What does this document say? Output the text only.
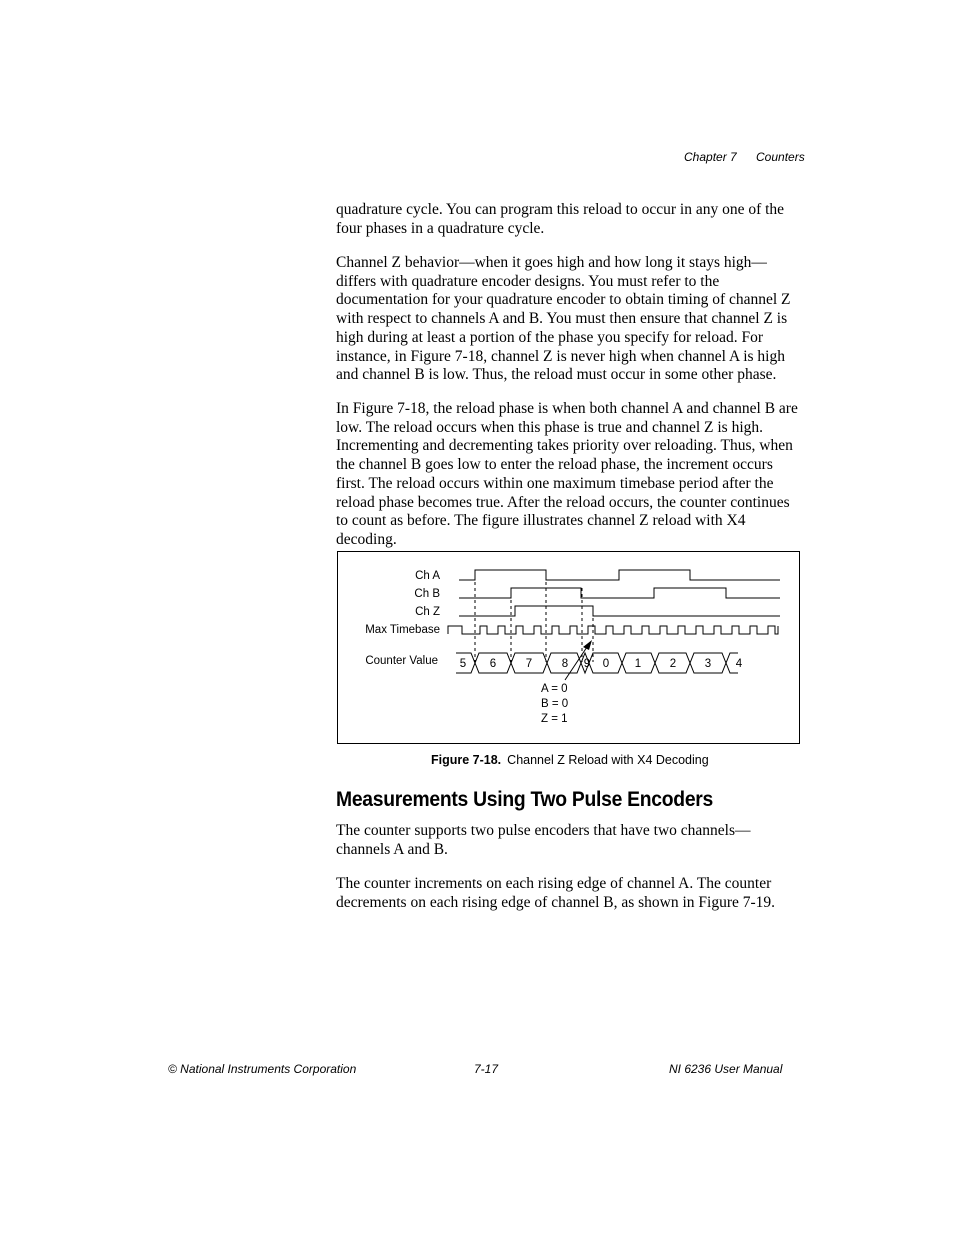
Chapter 7 Counters

quadrature cycle. You can program this reload to occur in any one of the four phases in a quadrature cycle.

Channel Z behavior—when it goes high and how long it stays high—differs with quadrature encoder designs. You must refer to the documentation for your quadrature encoder to obtain timing of channel Z with respect to channels A and B. You must then ensure that channel Z is high during at least a portion of the phase you specify for reload. For instance, in Figure 7-18, channel Z is never high when channel A is high and channel B is low. Thus, the reload must occur in some other phase.

In Figure 7-18, the reload phase is when both channel A and channel B are low. The reload occurs when this phase is true and channel Z is high. Incrementing and decrementing takes priority over reloading. Thus, when the channel B goes low to enter the reload phase, the increment occurs first. The reload occurs within one maximum timebase period after the reload phase becomes true. After the reload occurs, the counter continues to count as before. The figure illustrates channel Z reload with X4 decoding.

Ch A
Ch B
Ch Z
Max Timebase
Counter Value 5 6	7	8 9 0 1 2 3 4
A = 0
B = 0
Z = 1
Figure 7-18. Channel Z Reload with X4 Decoding
Measurements Using Two Pulse Encoders

The counter supports two pulse encoders that have two channels—channels A and B.

The counter increments on each rising edge of channel A. The counter decrements on each rising edge of channel B, as shown in Figure 7-19.

© National Instruments Corporation	7-17	NI 6236 User Manual
